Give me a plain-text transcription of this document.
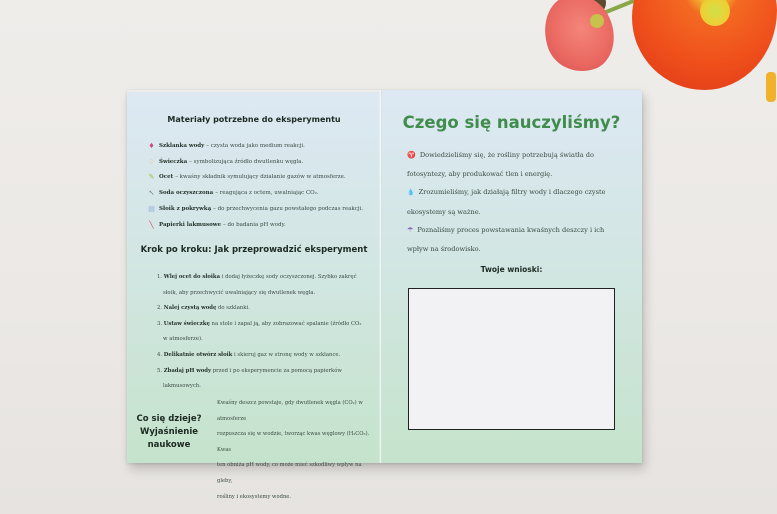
Materiały potrzebne do eksperymentu
♦ Szklanka wody – czysta woda jako medium reakcji.
♢ Świeczka – symbolizująca źródło dwutlenku węgla.
✎ Ocet – kwaśny składnik symulujący działanie gazów w atmosferze.
↖ Soda oczyszczona – reagująca z octem, uwalniając CO₂.
▤ Słoik z pokrywką – do przechwycenia gazu powstałego podczas reakcji.
╲ Papierki lakmusowe – do badania pH wody.
Krok po kroku: Jak przeprowadzić eksperyment
1. Wlej ocet do słoika i dodaj łyżeczkę sody oczyszczonej. Szybko zakręć
słoik, aby przechwycić uwalniający się dwutlenek węgla.
2. Nalej czystą wodę do szklanki.
3. Ustaw świeczkę na stole i zapal ją, aby zobrazować spalanie (źródło CO₂
w atmosferze).
4. Delikatnie otwórz słoik i skieruj gaz w stronę wody w szklance.
5. Zbadaj pH wody przed i po eksperymencie za pomocą papierków
lakmusowych.
Co się dzieje?
Wyjaśnienie
naukowe
Kwaśny deszcz powstaje, gdy dwutlenek węgla (CO₂) w atmosferze
rozpuszcza się w wodzie, tworząc kwas węglowy (H₂CO₃). Kwas
ten obniża pH wody, co może mieć szkodliwy wpływ na gleby,
rośliny i ekosystemy wodne.
Czego się nauczyliśmy?
♈ Dowiedzieliśmy się, że rośliny potrzebują światła do
fotosyntezy, aby produkować tlen i energię.
💧 Zrozumieliśmy, jak działają filtry wody i dlaczego czyste
ekosystemy są ważne.
☂ Poznaliśmy proces powstawania kwaśnych deszczy i ich
wpływ na środowisko.
Twoje wnioski:
